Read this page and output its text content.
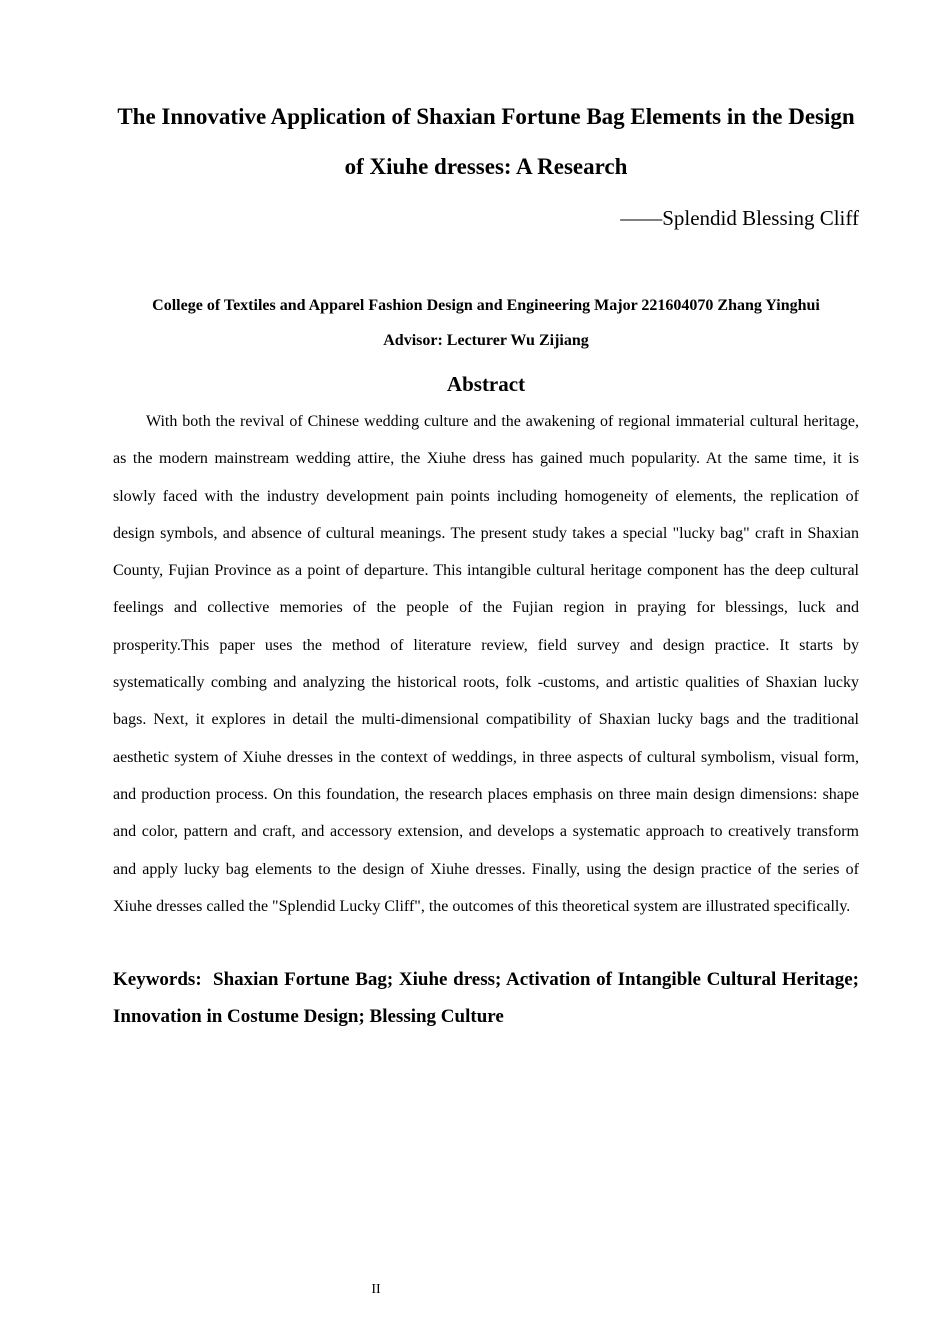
The Innovative Application of Shaxian Fortune Bag Elements in the Design of Xiuhe dresses: A Research
——Splendid Blessing Cliff

College of Textiles and Apparel Fashion Design and Engineering Major 221604070 Zhang Yinghui
Advisor: Lecturer Wu Zijiang

Abstract

With both the revival of Chinese wedding culture and the awakening of regional immaterial cultural heritage, as the modern mainstream wedding attire, the Xiuhe dress has gained much popularity. At the same time, it is slowly faced with the industry development pain points including homogeneity of elements, the replication of design symbols, and absence of cultural meanings. The present study takes a special "lucky bag" craft in Shaxian County, Fujian Province as a point of departure. This intangible cultural heritage component has the deep cultural feelings and collective memories of the people of the Fujian region in praying for blessings, luck and prosperity.This paper uses the method of literature review, field survey and design practice. It starts by systematically combing and analyzing the historical roots, folk -customs, and artistic qualities of Shaxian lucky bags. Next, it explores in detail the multi-dimensional compatibility of Shaxian lucky bags and the traditional aesthetic system of Xiuhe dresses in the context of weddings, in three aspects of cultural symbolism, visual form, and production process. On this foundation, the research places emphasis on three main design dimensions: shape and color, pattern and craft, and accessory extension, and develops a systematic approach to creatively transform and apply lucky bag elements to the design of Xiuhe dresses. Finally, using the design practice of the series of Xiuhe dresses called the "Splendid Lucky Cliff", the outcomes of this theoretical system are illustrated specifically.

Keywords:  Shaxian Fortune Bag; Xiuhe dress; Activation of Intangible Cultural Heritage; Innovation in Costume Design; Blessing Culture

II
